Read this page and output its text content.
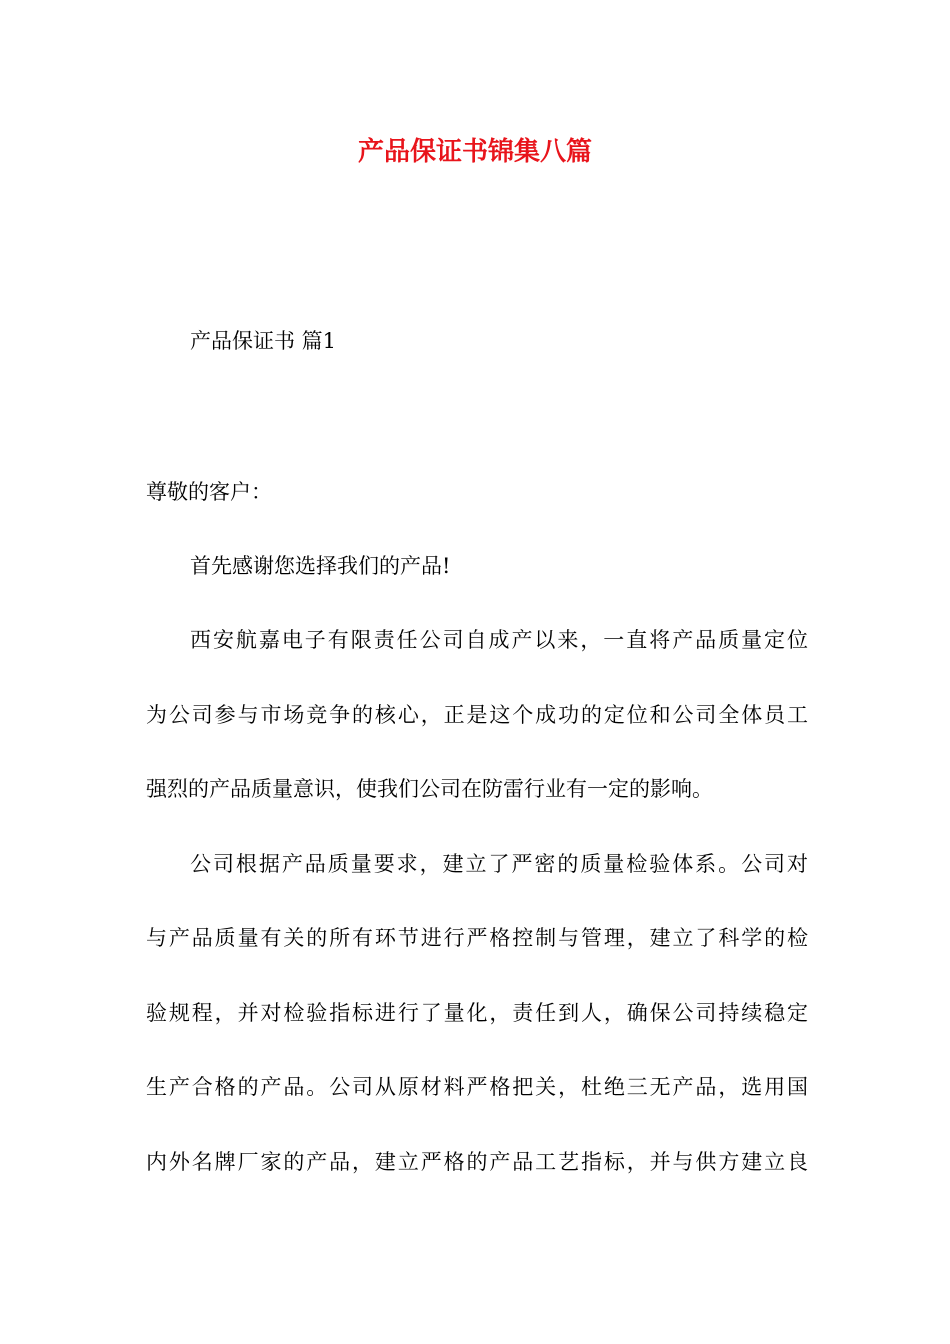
产品保证书锦集八篇

产品保证书 篇1

尊敬的客户：

首先感谢您选择我们的产品!

西安航嘉电子有限责任公司自成产以来，一直将产品质量定位

为公司参与市场竞争的核心，正是这个成功的定位和公司全体员工

强烈的产品质量意识，使我们公司在防雷行业有一定的影响。

公司根据产品质量要求，建立了严密的质量检验体系。公司对

与产品质量有关的所有环节进行严格控制与管理，建立了科学的检

验规程，并对检验指标进行了量化，责任到人，确保公司持续稳定

生产合格的产品。公司从原材料严格把关，杜绝三无产品，选用国

内外名牌厂家的产品，建立严格的产品工艺指标，并与供方建立良
